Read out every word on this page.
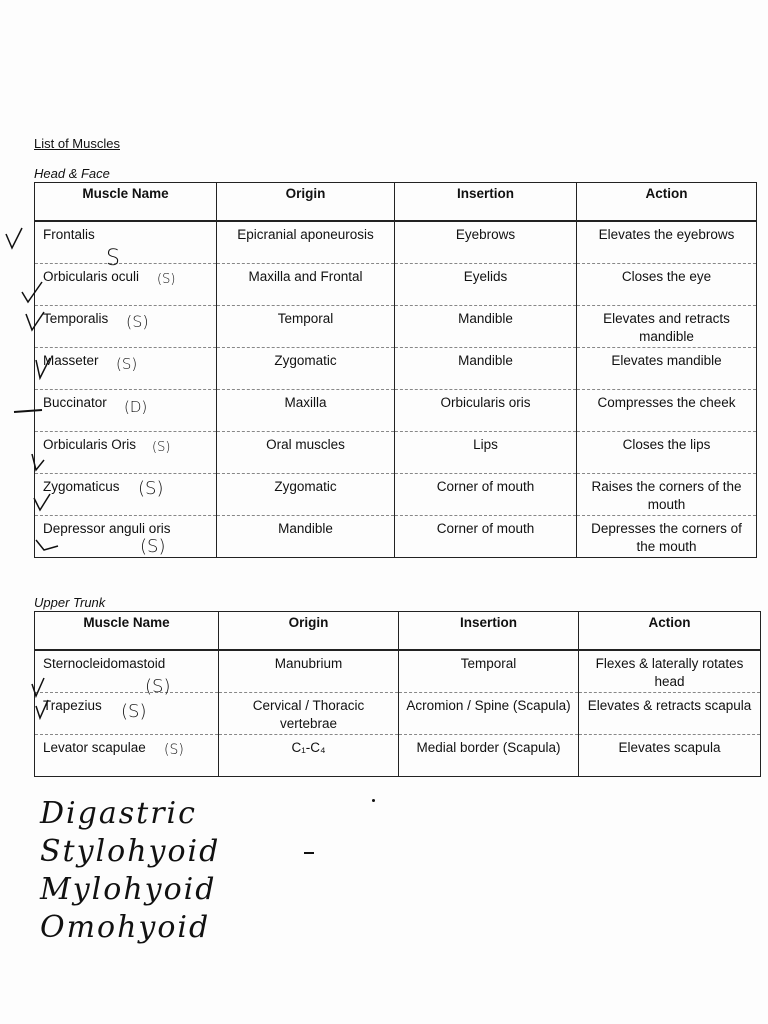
List of Muscles
Head & Face
Muscle Name	Origin	Insertion	Action
Frontalis	Epicranial aponeurosis	Eyebrows	Elevates the eyebrows
Orbicularis oculi	Maxilla and Frontal	Eyelids	Closes the eye
Temporalis	Temporal	Mandible	Elevates and retracts mandible
Masseter	Zygomatic	Mandible	Elevates mandible
Buccinator	Maxilla	Orbicularis oris	Compresses the cheek
Orbicularis Oris	Oral muscles	Lips	Closes the lips
Zygomaticus	Zygomatic	Corner of mouth	Raises the corners of the mouth
Depressor anguli oris	Mandible	Corner of mouth	Depresses the corners of the mouth
Upper Trunk
Muscle Name	Origin	Insertion	Action
Sternocleidomastoid	Manubrium	Temporal	Flexes & laterally rotates head
Trapezius	Cervical / Thoracic vertebrae	Acromion / Spine (Scapula)	Elevates & retracts scapula
Levator scapulae	C₁-C₄	Medial border (Scapula)	Elevates scapula
S
(S)
(S)
(S)
(D)
(S)
(S)
(S)
(S)
(S)
(S)
Digastric
Stylohyoid
Mylohyoid
Omohyoid
